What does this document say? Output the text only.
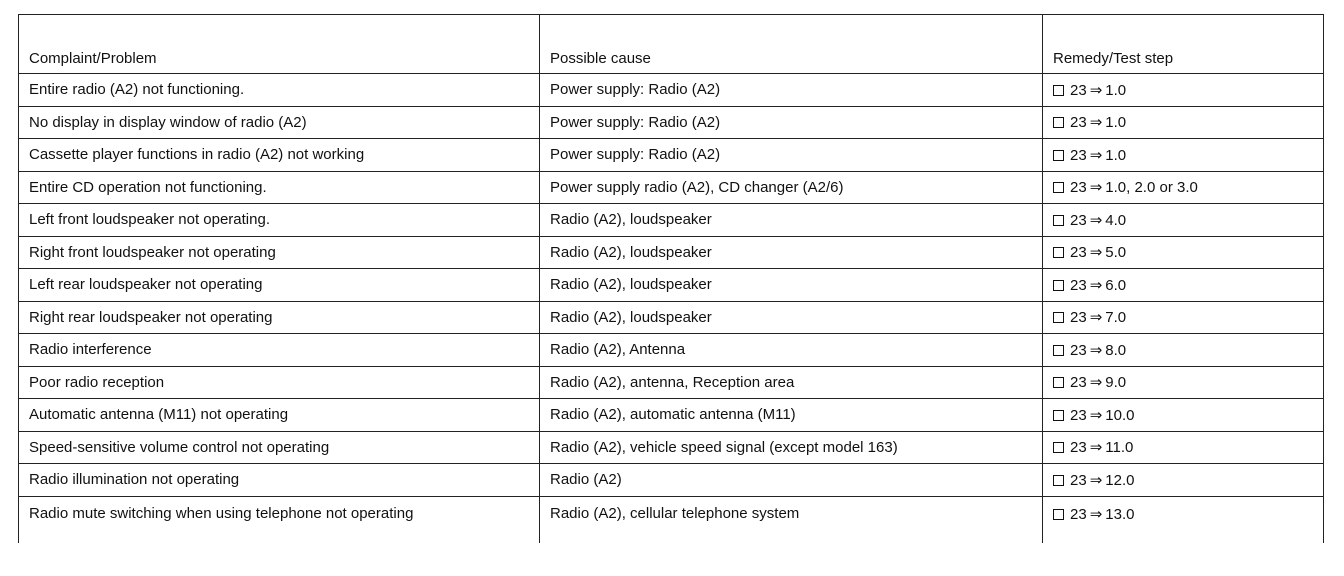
Complaint/Problem	Possible cause	Remedy/Test step
Entire radio (A2) not functioning.	Power supply: Radio (A2)	23 ⇒ 1.0
No display in display window of radio (A2)	Power supply: Radio (A2)	23 ⇒ 1.0
Cassette player functions in radio (A2) not working	Power supply: Radio (A2)	23 ⇒ 1.0
Entire CD operation not functioning.	Power supply radio (A2), CD changer (A2/6)	23 ⇒ 1.0, 2.0 or 3.0
Left front loudspeaker not operating.	Radio (A2), loudspeaker	23 ⇒ 4.0
Right front loudspeaker not operating	Radio (A2), loudspeaker	23 ⇒ 5.0
Left rear loudspeaker not operating	Radio (A2), loudspeaker	23 ⇒ 6.0
Right rear loudspeaker not operating	Radio (A2), loudspeaker	23 ⇒ 7.0
Radio interference	Radio (A2), Antenna	23 ⇒ 8.0
Poor radio reception	Radio (A2), antenna, Reception area	23 ⇒ 9.0
Automatic antenna (M11) not operating	Radio (A2), automatic antenna (M11)	23 ⇒ 10.0
Speed-sensitive volume control not operating	Radio (A2), vehicle speed signal (except model 163)	23 ⇒ 11.0
Radio illumination not operating	Radio (A2)	23 ⇒ 12.0
Radio mute switching when using telephone not operating	Radio (A2), cellular telephone system	23 ⇒ 13.0
